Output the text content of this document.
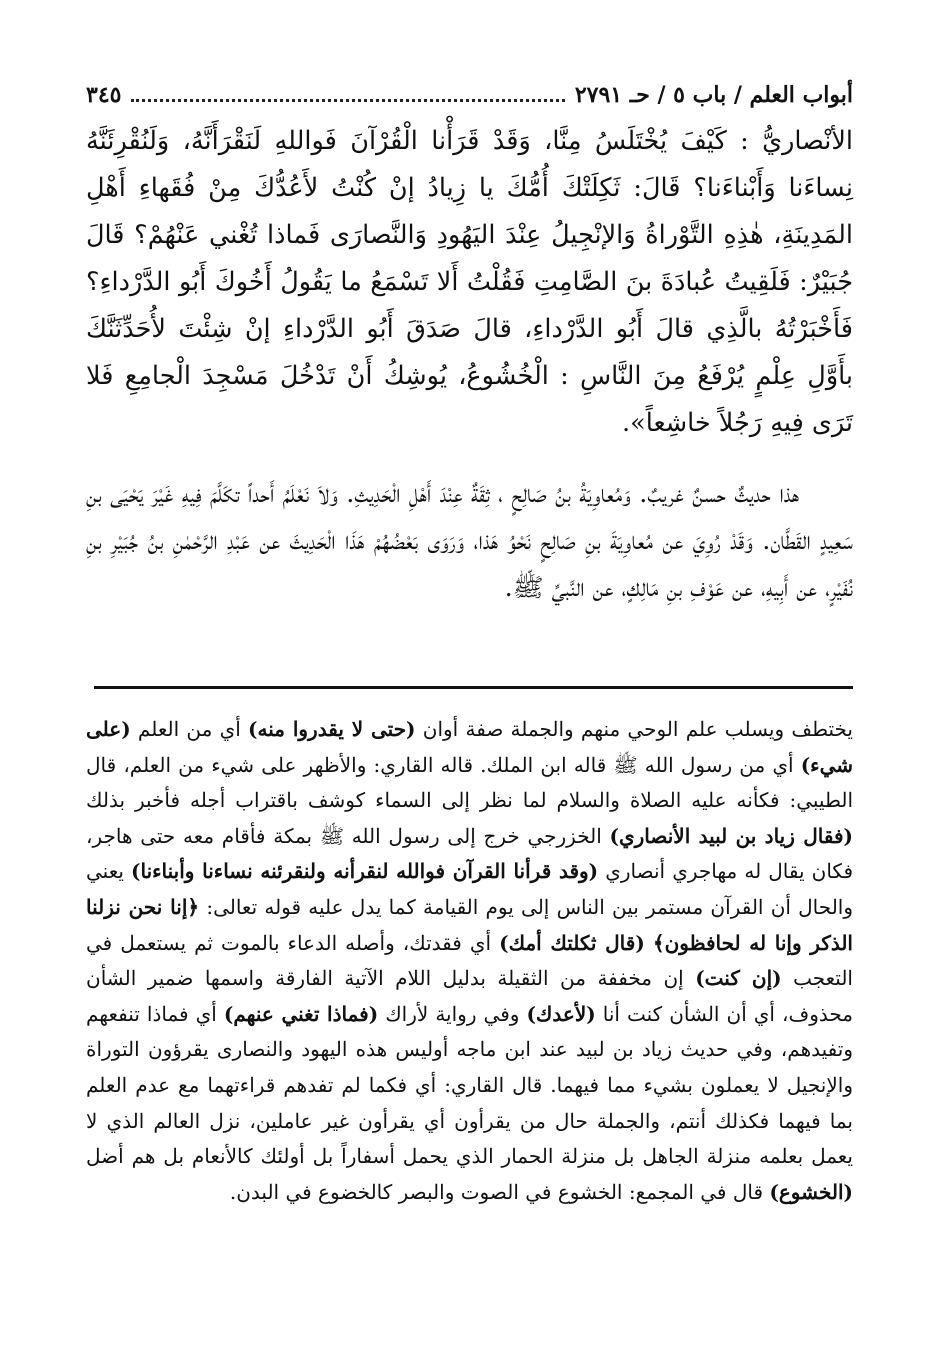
أبواب العلم / باب ٥ / حـ ٢٧٩١
٣٤٥

الأنْصاريُّ : كَيْفَ يُخْتَلَسُ مِنَّا، وَقَدْ قَرَأْنا الْقُرْآنَ فَواللهِ لَنَقْرَأَنَّهُ، وَلَنُقْرِئَنَّهُ نِساءَنا وَأَبْناءَنا؟ قَالَ: ثَكِلَتْكَ أُمُّكَ يا زِيادُ إنْ كُنْتُ لأَعُدُّكَ مِنْ فُقَهاءِ أَهْلِ المَدِينَةِ، هٰذِهِ التَّوْراةُ وَالإنْجِيلُ عِنْدَ اليَهُودِ وَالنَّصارَى فَماذا تُغْني عَنْهُمْ؟ قَالَ جُبَيْرٌ: فَلَقِيتُ عُبادَةَ بنَ الصَّامِتِ فَقُلْتُ أَلا تَسْمَعُ ما يَقُولُ أَخُوكَ أَبُو الدَّرْداءِ؟ فَأَخْبَرْتُهُ بالَّذِي قالَ أَبُو الدَّرْداءِ، قالَ صَدَقَ أَبُو الدَّرْداءِ إنْ شِئْتَ لأُحَدِّثَنَّكَ بأَوَّلِ عِلْمٍ يُرْفَعُ مِنَ النَّاسِ : الْخُشُوعُ، يُوشِكُ أَنْ تَدْخُلَ مَسْجِدَ الْجامِعِ فَلا تَرَى فِيهِ رَجُلاً خاشِعاً».

هذا حديثٌ حسنٌ غريبٌ. وَمُعاوِيَةُ بنُ صَالِحٍ ، ثِقَةٌ عِنْدَ أَهْلِ الْحَدِيثِ. وَلاَ نَعْلَمُ أَحداً تكَلَّمَ فِيهِ غَيْرَ يَحْيَى بنِ سَعِيدٍ القَطَّان. وَقَدْ رُوِيَ عن مُعاوِيَةَ بنِ صَالِحٍ نَحْوُ هَذا، وَرَوَى بَعْضُهُمْ هَذَا الْحَدِيثَ عن عَبْدِ الرَّحْمٰنِ بنُ جُبَيْرِ بنِ نُفَيْرٍ، عن أَبِيهِ، عن عَوْفِ بنِ مَالِكٍ، عن النَّبيِّ ﷺ.

يختطف ويسلب علم الوحي منهم والجملة صفة أوان (حتى لا يقدروا منه) أي من العلم (على شيء) أي من رسول الله ﷺ قاله ابن الملك. قاله القاري: والأظهر على شيء من العلم، قال الطيبي: فكأنه عليه الصلاة والسلام لما نظر إلى السماء كوشف باقتراب أجله فأخبر بذلك (فقال زياد بن لبيد الأنصاري) الخزرجي خرج إلى رسول الله ﷺ بمكة فأقام معه حتى هاجر، فكان يقال له مهاجري أنصاري (وقد قرأنا القرآن فوالله لنقرأنه ولنقرئنه نساءنا وأبناءنا) يعني والحال أن القرآن مستمر بين الناس إلى يوم القيامة كما يدل عليه قوله تعالى: ﴿إنا نحن نزلنا الذكر وإنا له لحافظون﴾ (قال ثكلتك أمك) أي فقدتك، وأصله الدعاء بالموت ثم يستعمل في التعجب (إن كنت) إن مخففة من الثقيلة بدليل اللام الآتية الفارقة واسمها ضمير الشأن محذوف، أي أن الشأن كنت أنا (لأعدك) وفي رواية لأراك (فماذا تغني عنهم) أي فماذا تنفعهم وتفيدهم، وفي حديث زياد بن لبيد عند ابن ماجه أوليس هذه اليهود والنصارى يقرؤون التوراة والإنجيل لا يعملون بشيء مما فيهما. قال القاري: أي فكما لم تفدهم قراءتهما مع عدم العلم بما فيهما فكذلك أنتم، والجملة حال من يقرأون أي يقرأون غير عاملين، نزل العالم الذي لا يعمل بعلمه منزلة الجاهل بل منزلة الحمار الذي يحمل أسفاراً بل أولئك كالأنعام بل هم أضل (الخشوع) قال في المجمع: الخشوع في الصوت والبصر كالخضوع في البدن.
